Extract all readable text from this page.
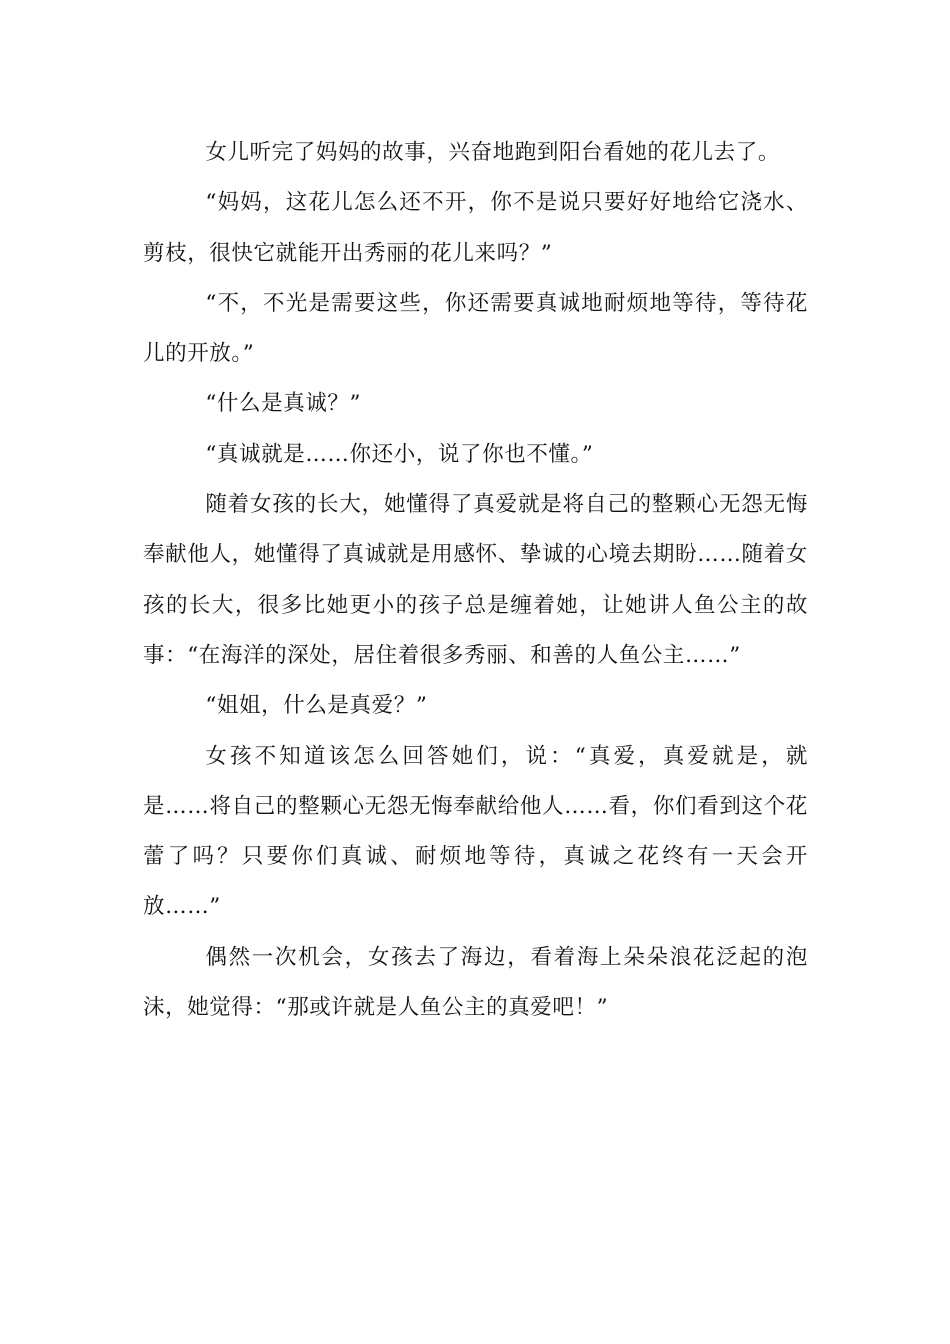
女儿听完了妈妈的故事，兴奋地跑到阳台看她的花儿去了。

“妈妈，这花儿怎么还不开，你不是说只要好好地给它浇水、剪枝，很快它就能开出秀丽的花儿来吗？”

“不，不光是需要这些，你还需要真诚地耐烦地等待，等待花儿的开放。”

“什么是真诚？”

“真诚就是……你还小，说了你也不懂。”

随着女孩的长大，她懂得了真爱就是将自己的整颗心无怨无悔奉献他人，她懂得了真诚就是用感怀、挚诚的心境去期盼……随着女孩的长大，很多比她更小的孩子总是缠着她，让她讲人鱼公主的故事：“在海洋的深处，居住着很多秀丽、和善的人鱼公主……”

“姐姐，什么是真爱？”

女孩不知道该怎么回答她们，说：“真爱，真爱就是，就是……将自己的整颗心无怨无悔奉献给他人……看，你们看到这个花蕾了吗？只要你们真诚、耐烦地等待，真诚之花终有一天会开放……”

偶然一次机会，女孩去了海边，看着海上朵朵浪花泛起的泡沫，她觉得：“那或许就是人鱼公主的真爱吧！”
